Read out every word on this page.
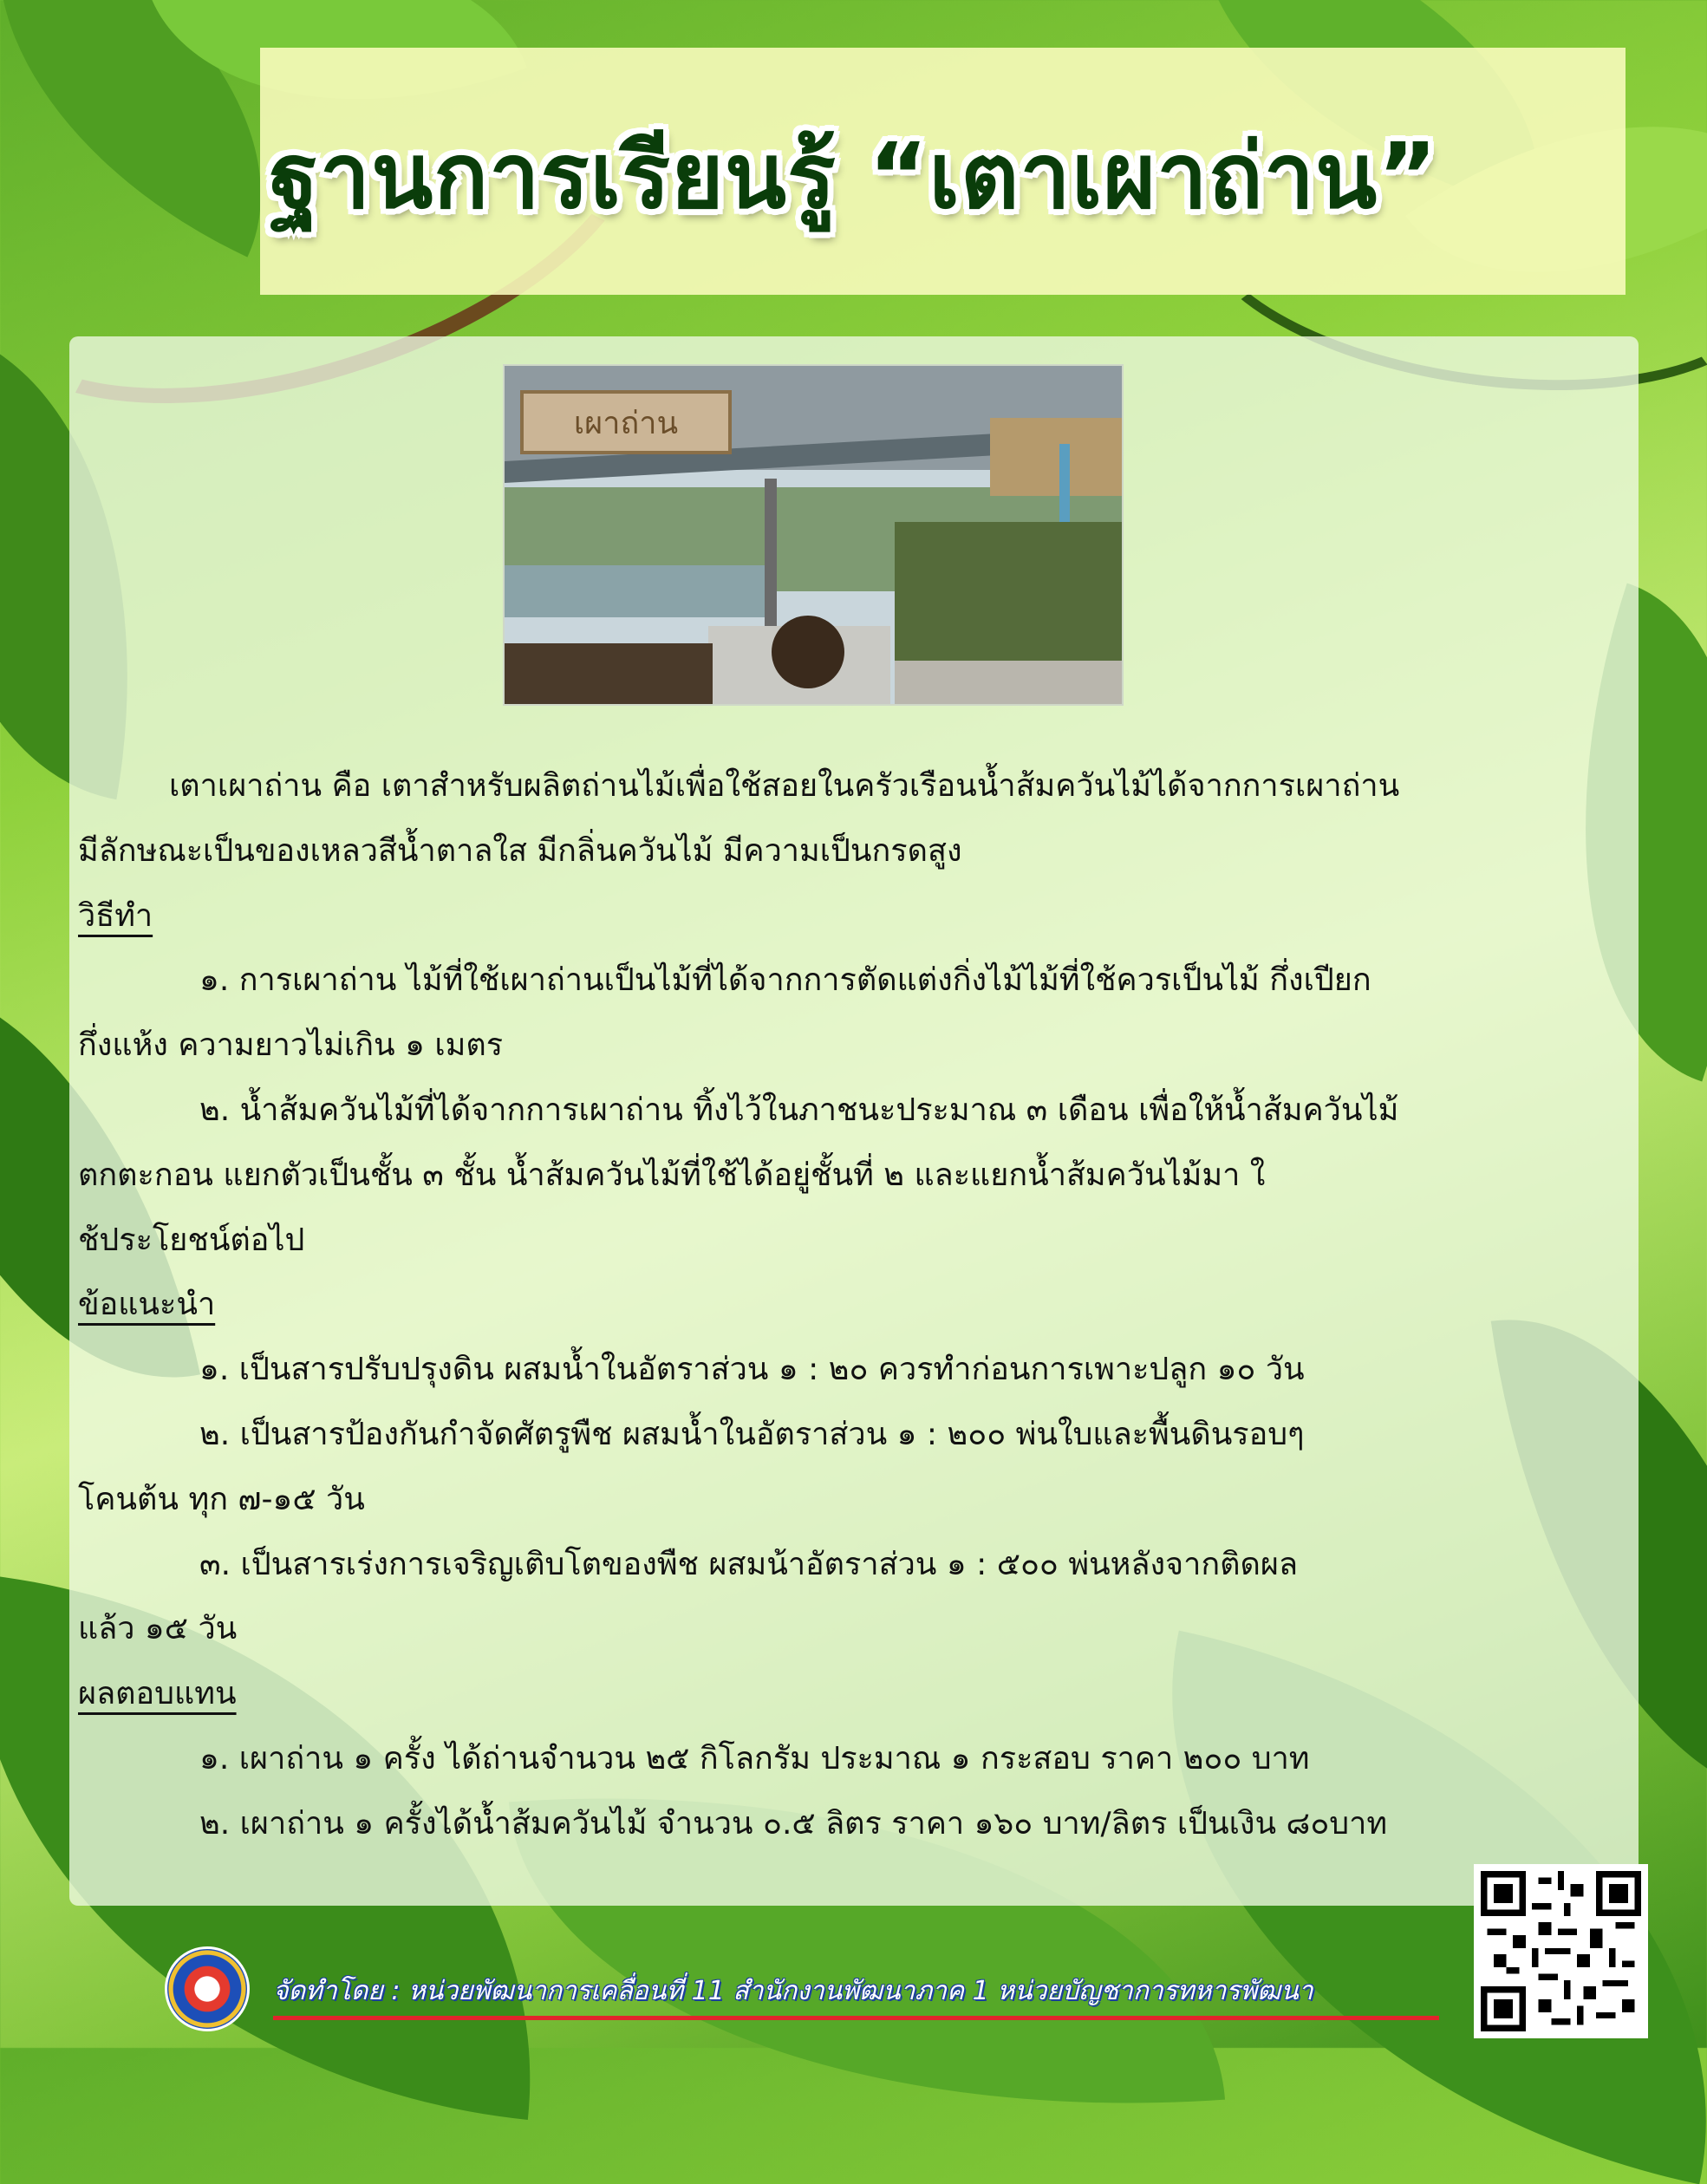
ฐานการเรียนรู้ “เตาเผาถ่าน”
เผาถ่าน

เตาเผาถ่าน คือ เตาสำหรับผลิตถ่านไม้เพื่อใช้สอยในครัวเรือนน้ำส้มควันไม้ได้จากการเผาถ่าน

มีลักษณะเป็นของเหลวสีน้ำตาลใส มีกลิ่นควันไม้ มีความเป็นกรดสูง

วิธีทำ

๑. การเผาถ่าน ไม้ที่ใช้เผาถ่านเป็นไม้ที่ได้จากการตัดแต่งกิ่งไม้ไม้ที่ใช้ควรเป็นไม้ กึ่งเปียก

กึ่งแห้ง ความยาวไม่เกิน ๑ เมตร

๒. น้ำส้มควันไม้ที่ได้จากการเผาถ่าน ทิ้งไว้ในภาชนะประมาณ ๓ เดือน เพื่อให้น้ำส้มควันไม้

ตกตะกอน แยกตัวเป็นชั้น ๓ ชั้น น้ำส้มควันไม้ที่ใช้ได้อยู่ชั้นที่ ๒ และแยกน้ำส้มควันไม้มา ใ

ช้ประโยชน์ต่อไป

ข้อแนะนำ

๑. เป็นสารปรับปรุงดิน ผสมน้ำในอัตราส่วน ๑ : ๒๐ ควรทำก่อนการเพาะปลูก ๑๐ วัน

๒. เป็นสารป้องกันกำจัดศัตรูพืช ผสมน้ำในอัตราส่วน ๑ : ๒๐๐ พ่นใบและพื้นดินรอบๆ

โคนต้น ทุก ๗-๑๕ วัน

๓. เป็นสารเร่งการเจริญเติบโตของพืช ผสมน้าอัตราส่วน ๑ : ๕๐๐ พ่นหลังจากติดผล

แล้ว ๑๕ วัน

ผลตอบแทน

๑. เผาถ่าน ๑ ครั้ง ได้ถ่านจำนวน ๒๕ กิโลกรัม ประมาณ ๑ กระสอบ ราคา ๒๐๐ บาท

๒. เผาถ่าน ๑ ครั้งได้น้ำส้มควันไม้ จำนวน ๐.๕ ลิตร ราคา ๑๖๐ บาท/ลิตร เป็นเงิน ๘๐บาท

จัดทำโดย : หน่วยพัฒนาการเคลื่อนที่ 11 สำนักงานพัฒนาภาค 1 หน่วยบัญชาการทหารพัฒนา
